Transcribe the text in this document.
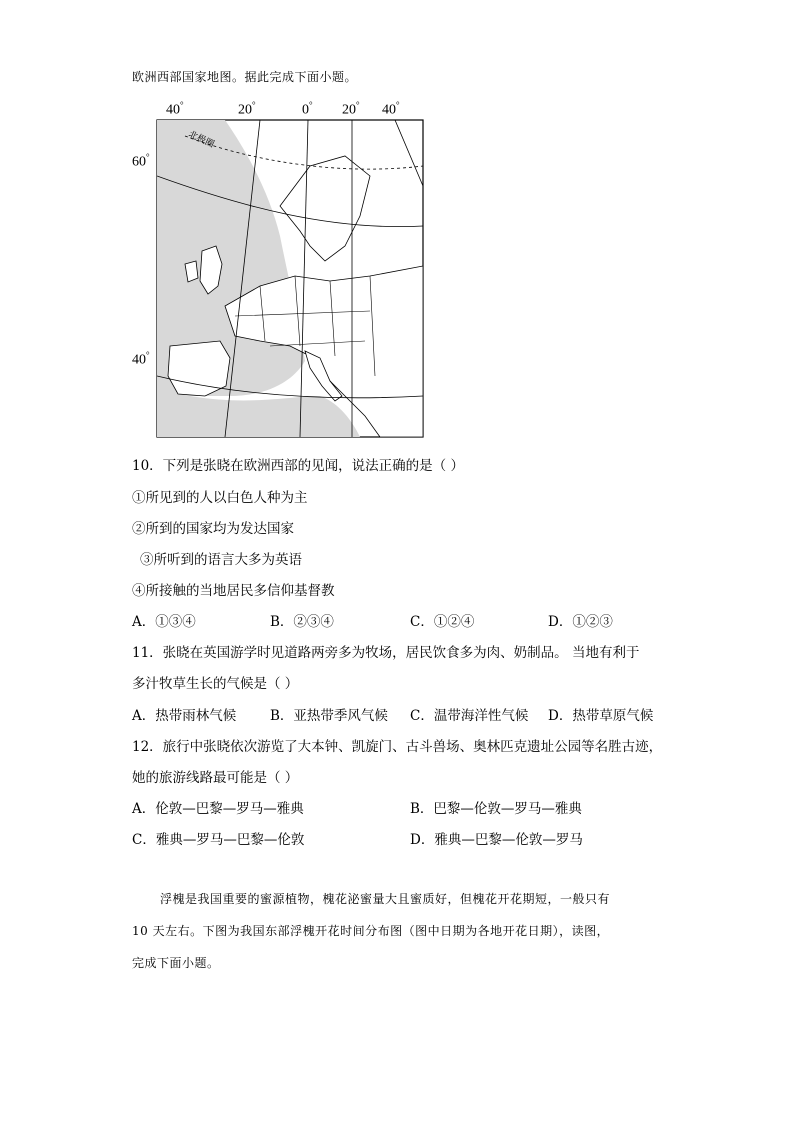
欧洲西部国家地图。据此完成下面小题。
40°	20°	0° 20° 40°
60°
40°
北极圈
10．下列是张晓在欧洲西部的见闻，说法正确的是（ ）
①所见到的人以白色人种为主
②所到的国家均为发达国家
③所听到的语言大多为英语
④所接触的当地居民多信仰基督教
A．①③④	B．②③④	C．①②④	D．①②③
11．张晓在英国游学时见道路两旁多为牧场，居民饮食多为肉、奶制品。 当地有利于
多汁牧草生长的气候是（ ）
A．热带雨林气候	B．亚热带季风气候 C．温带海洋性气候 D．热带草原气候
12．旅行中张晓依次游览了大本钟、凯旋门、古斗兽场、奥林匹克遗址公园等名胜古迹，
她的旅游线路最可能是（ ）
A．伦敦—巴黎—罗马—雅典	B．巴黎—伦敦—罗马—雅典
C．雅典—罗马—巴黎—伦敦	D．雅典—巴黎—伦敦—罗马
浮槐是我国重要的蜜源植物，槐花泌蜜量大且蜜质好，但槐花开花期短，一般只有
10 天左右。下图为我国东部浮槐开花时间分布图（图中日期为各地开花日期），读图，
完成下面小题。
